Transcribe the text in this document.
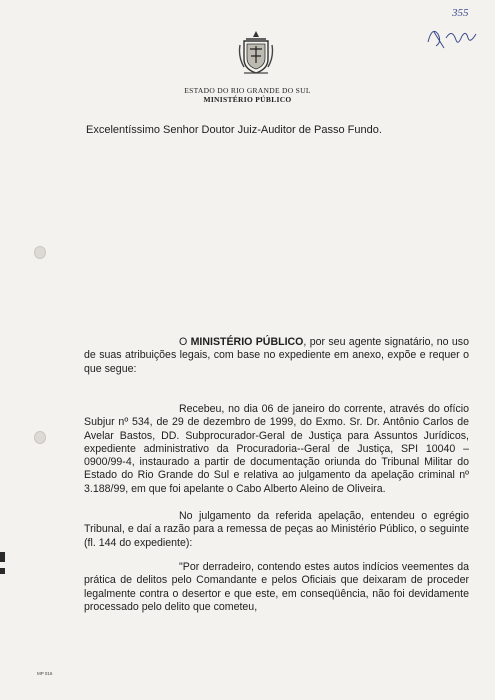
ESTADO DO RIO GRANDE DO SUL
MINISTÉRIO PÚBLICO
355
Excelentíssimo Senhor Doutor Juiz-Auditor de Passo Fundo.
O MINISTÉRIO PÚBLICO, por seu agente signatário, no uso de suas atribuições legais, com base no expediente em anexo, expõe e requer o que segue:
Recebeu, no dia 06 de janeiro do corrente, através do ofício Subjur nº 534, de 29 de dezembro de 1999, do Exmo. Sr. Dr. Antônio Carlos de Avelar Bastos, DD. Subprocurador-Geral de Justiça para Assuntos Jurídicos, expediente administrativo da Procuradoria--Geral de Justiça, SPI 10040 – 0900/99-4, instaurado a partir de documentação oriunda do Tribunal Militar do Estado do Rio Grande do Sul e relativa ao julgamento da apelação criminal nº 3.188/99, em que foi apelante o Cabo Alberto Aleino de Oliveira.
No julgamento da referida apelação, entendeu o egrégio Tribunal, e daí a razão para a remessa de peças ao Ministério Público, o seguinte (fl. 144 do expediente):
"Por derradeiro, contendo estes autos indícios veementes da prática de delitos pelo Comandante e pelos Oficiais que deixaram de proceder legalmente contra o desertor e que este, em conseqüência, não foi devidamente processado pelo delito que cometeu,
MP 016
